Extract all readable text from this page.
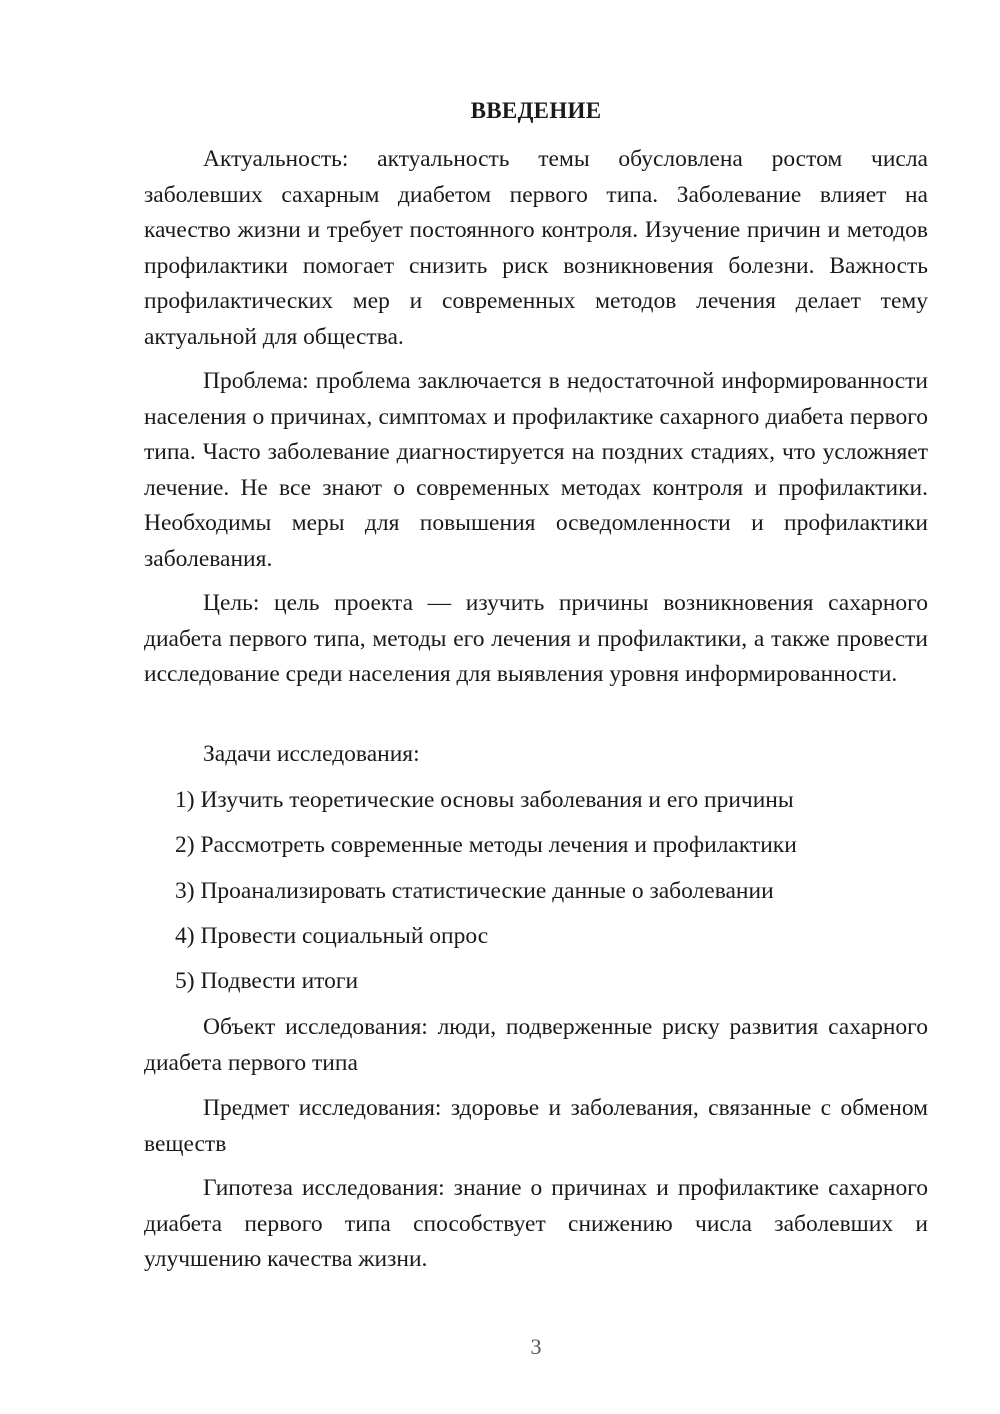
ВВЕДЕНИЕ

Актуальность: актуальность темы обусловлена ростом числа заболевших сахарным диабетом первого типа. Заболевание влияет на качество жизни и требует постоянного контроля. Изучение причин и методов профилактики помогает снизить риск возникновения болезни. Важность профилактических мер и современных методов лечения делает тему актуальной для общества.

Проблема: проблема заключается в недостаточной информированности населения о причинах, симптомах и профилактике сахарного диабета первого типа. Часто заболевание диагностируется на поздних стадиях, что усложняет лечение. Не все знают о современных методах контроля и профилактики. Необходимы меры для повышения осведомленности и профилактики заболевания.

Цель: цель проекта — изучить причины возникновения сахарного диабета первого типа, методы его лечения и профилактики, а также провести исследование среди населения для выявления уровня информированности.

Задачи исследования:

1) Изучить теоретические основы заболевания и его причины

2) Рассмотреть современные методы лечения и профилактики

3) Проанализировать статистические данные о заболевании

4) Провести социальный опрос

5) Подвести итоги

Объект исследования: люди, подверженные риску развития сахарного диабета первого типа

Предмет исследования: здоровье и заболевания, связанные с обменом веществ

Гипотеза исследования: знание о причинах и профилактике сахарного диабета первого типа способствует снижению числа заболевших и улучшению качества жизни.

3
